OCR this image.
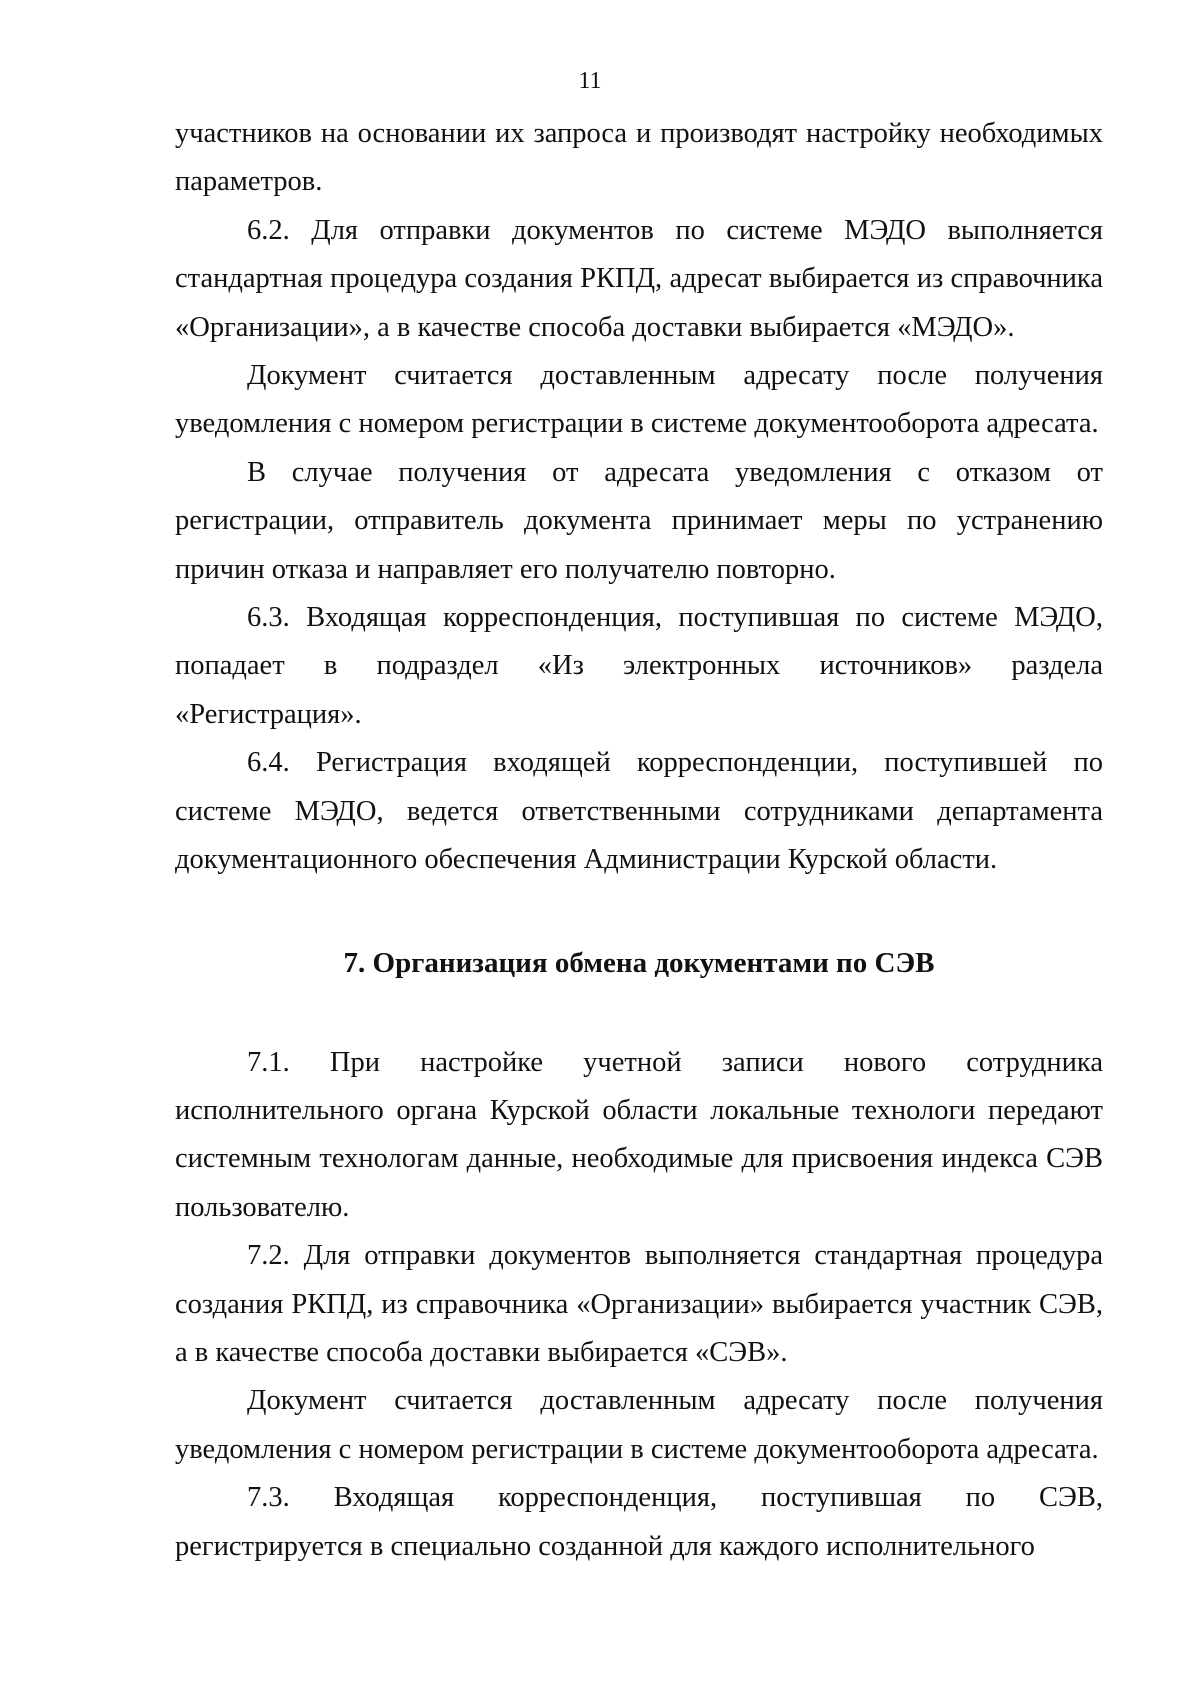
11

участников на основании их запроса и производят настройку необходимых параметров.

6.2. Для отправки документов по системе МЭДО выполняется стандартная процедура создания РКПД, адресат выбирается из справочника «Организации», а в качестве способа доставки выбирается «МЭДО».

Документ считается доставленным адресату после получения уведомления с номером регистрации в системе документооборота адресата.

В случае получения от адресата уведомления с отказом от регистрации, отправитель документа принимает меры по устранению причин отказа и направляет его получателю повторно.

6.3. Входящая корреспонденция, поступившая по системе МЭДО, попадает в подраздел «Из электронных источников» раздела «Регистрация».

6.4. Регистрация входящей корреспонденции, поступившей по системе МЭДО, ведется ответственными сотрудниками департамента документационного обеспечения Администрации Курской области.

7. Организация обмена документами по СЭВ

7.1. При настройке учетной записи нового сотрудника исполнительного органа Курской области локальные технологи передают системным технологам данные, необходимые для присвоения индекса СЭВ пользователю.

7.2. Для отправки документов выполняется стандартная процедура создания РКПД, из справочника «Организации» выбирается участник СЭВ, а в качестве способа доставки выбирается «СЭВ».

Документ считается доставленным адресату после получения уведомления с номером регистрации в системе документооборота адресата.

7.3. Входящая корреспонденция, поступившая по СЭВ, регистрируется в специально созданной для каждого исполнительного
